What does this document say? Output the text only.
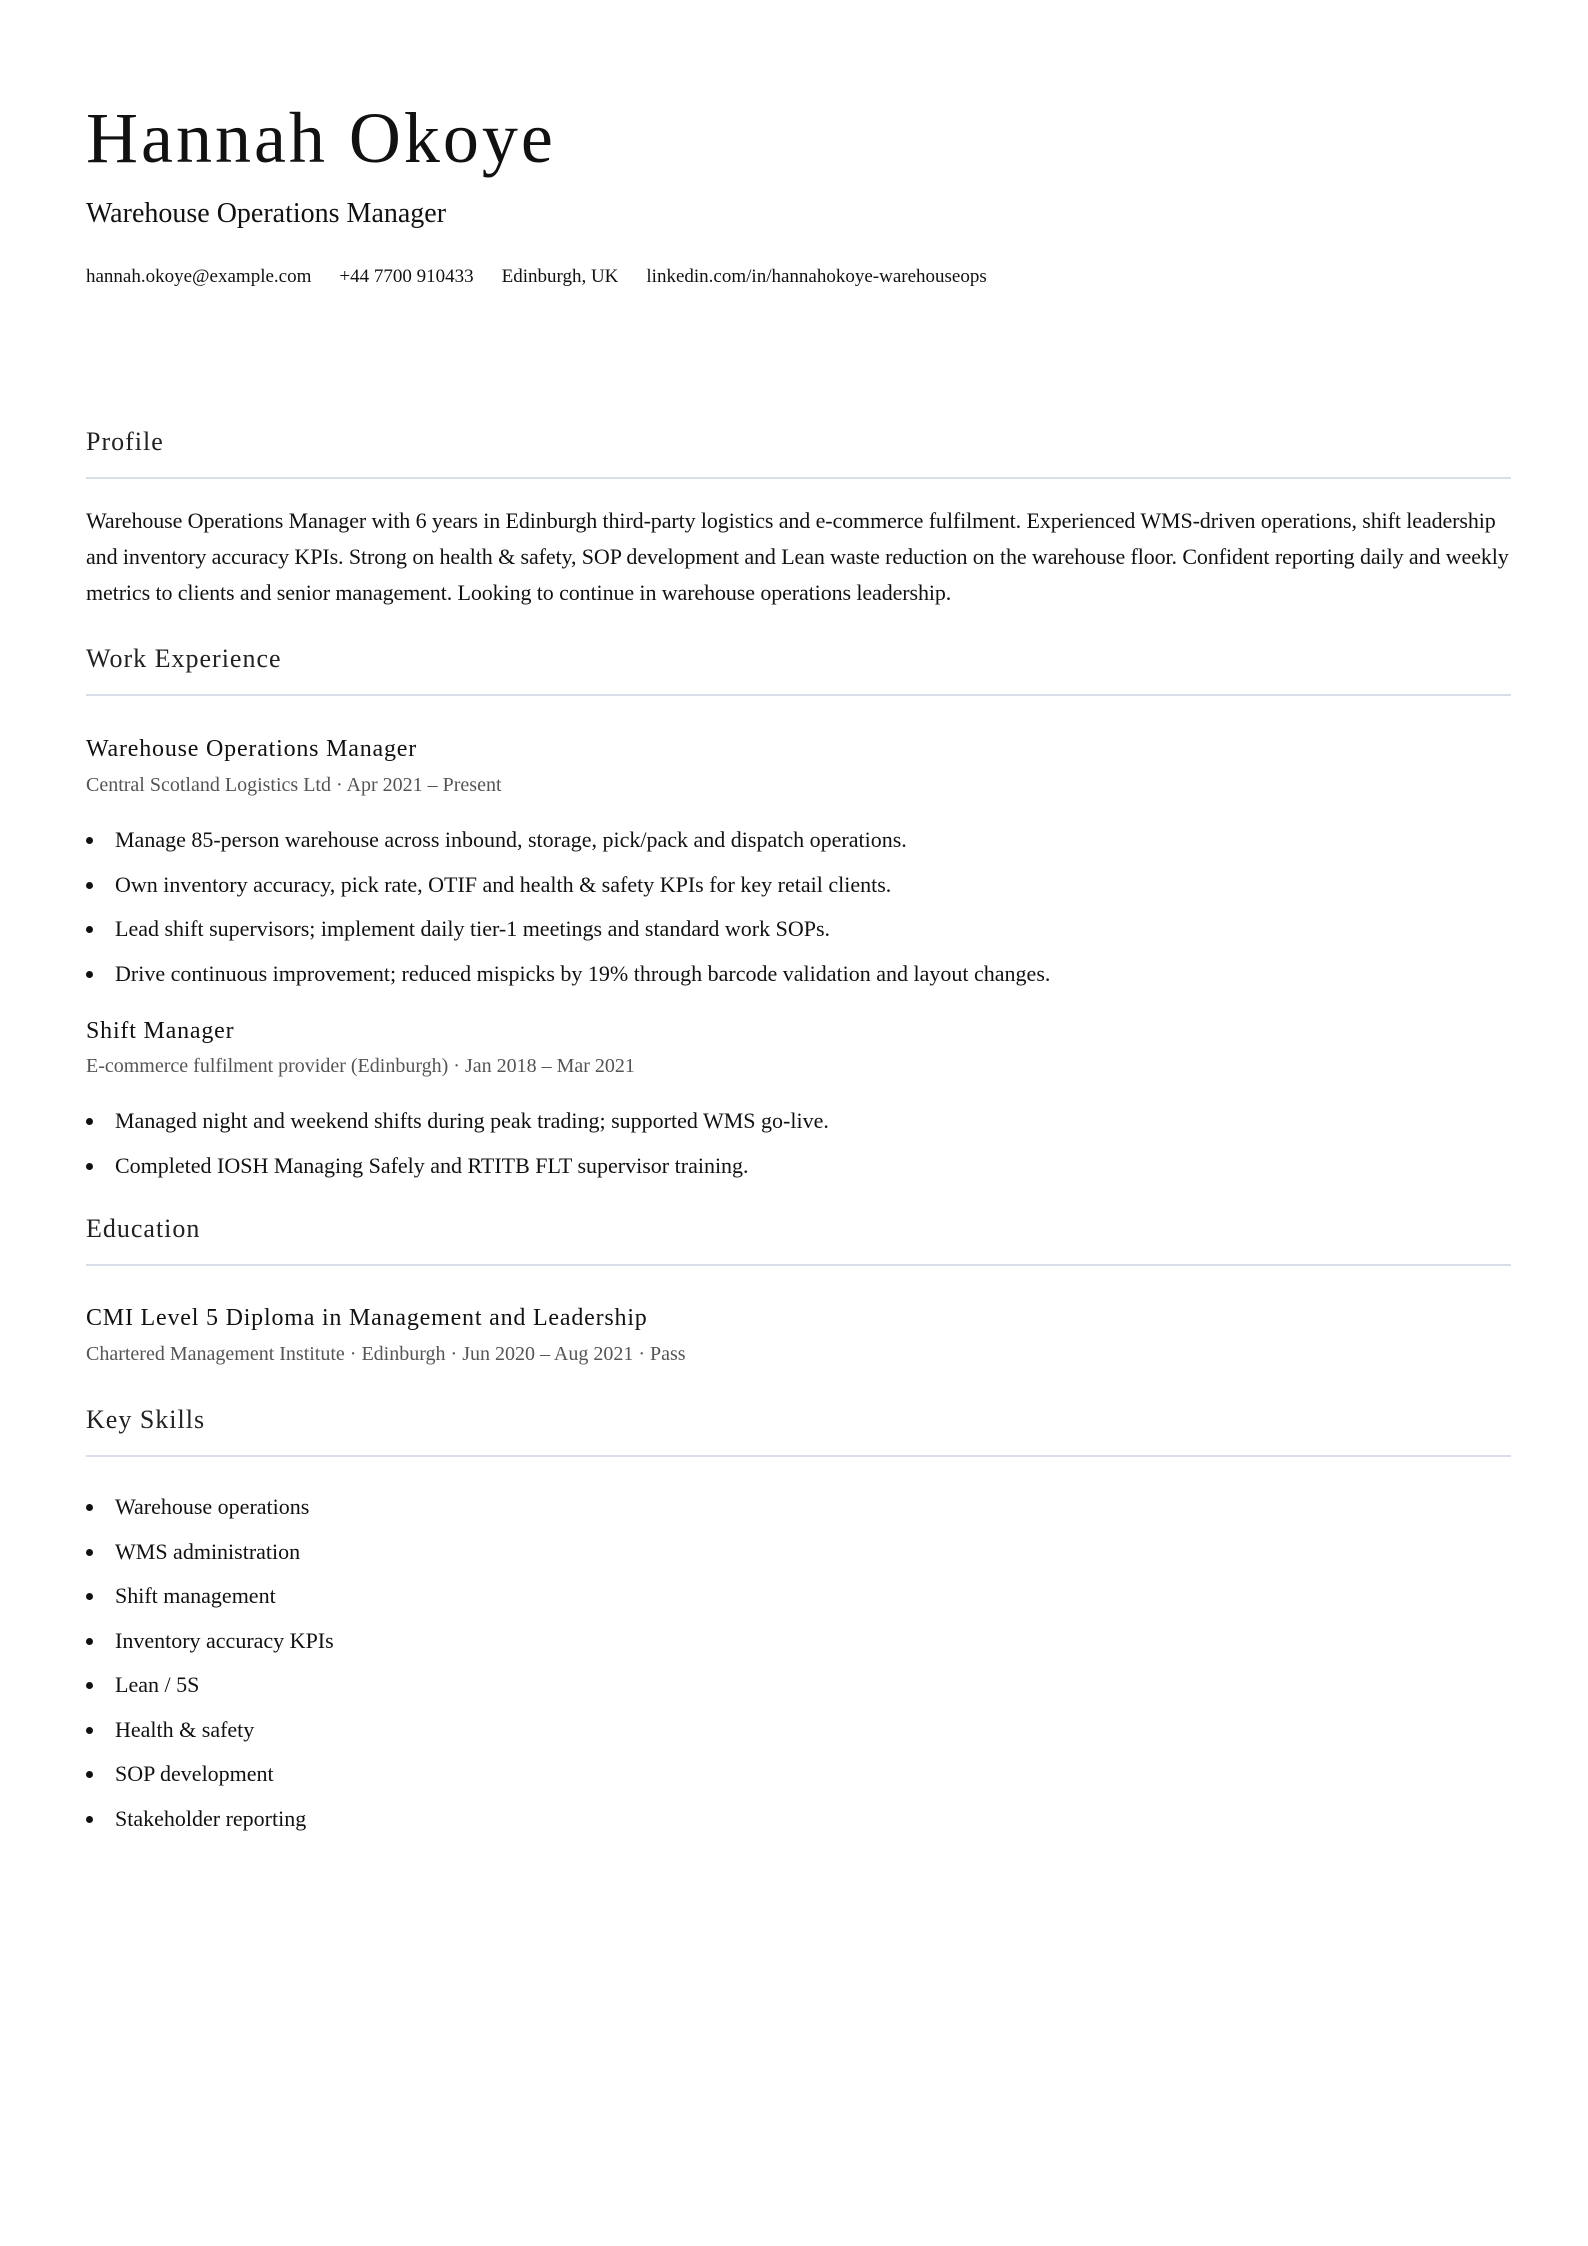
Hannah Okoye
Warehouse Operations Manager
hannah.okoye@example.com +44 7700 910433 Edinburgh, UK linkedin.com/in/hannahokoye-warehouseops
Profile
Warehouse Operations Manager with 6 years in Edinburgh third-party logistics and e-commerce fulfilment. Experienced WMS-driven operations, shift leadership and inventory accuracy KPIs. Strong on health & safety, SOP development and Lean waste reduction on the warehouse floor. Confident reporting daily and weekly metrics to clients and senior management. Looking to continue in warehouse operations leadership.
Work Experience
Warehouse Operations Manager
Central Scotland Logistics Ltd · Apr 2021 – Present
Manage 85-person warehouse across inbound, storage, pick/pack and dispatch operations.
Own inventory accuracy, pick rate, OTIF and health & safety KPIs for key retail clients.
Lead shift supervisors; implement daily tier-1 meetings and standard work SOPs.
Drive continuous improvement; reduced mispicks by 19% through barcode validation and layout changes.
Shift Manager
E-commerce fulfilment provider (Edinburgh) · Jan 2018 – Mar 2021
Managed night and weekend shifts during peak trading; supported WMS go-live.
Completed IOSH Managing Safely and RTITB FLT supervisor training.
Education
CMI Level 5 Diploma in Management and Leadership
Chartered Management Institute · Edinburgh · Jun 2020 – Aug 2021 · Pass
Key Skills
Warehouse operations
WMS administration
Shift management
Inventory accuracy KPIs
Lean / 5S
Health & safety
SOP development
Stakeholder reporting
